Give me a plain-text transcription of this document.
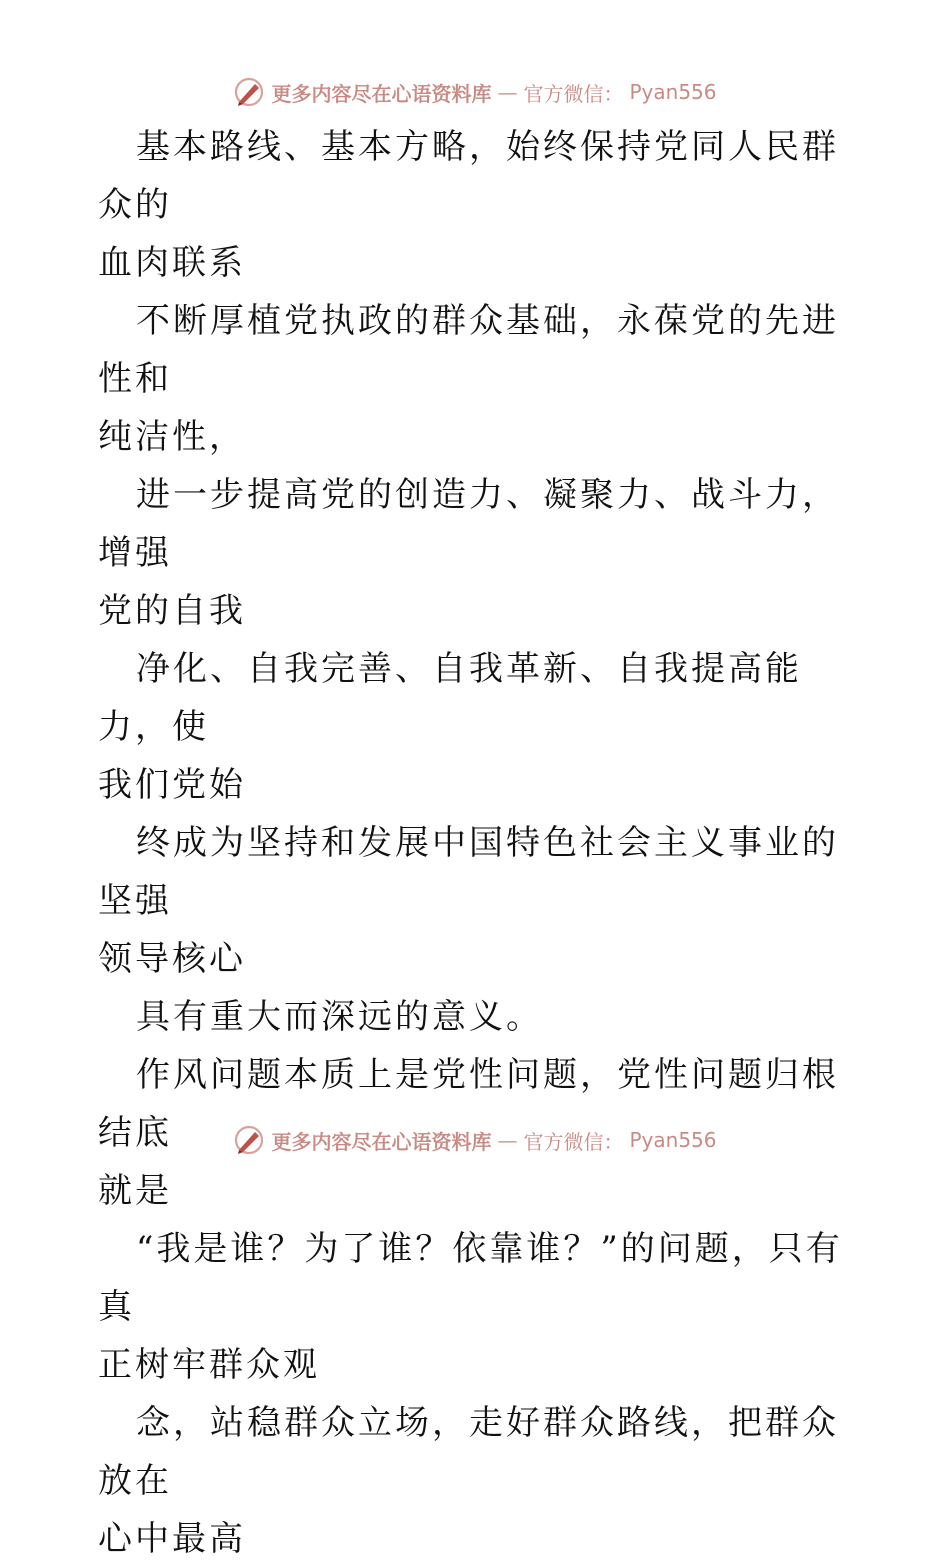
更多内容尽在心语资料库 — 官方微信： Pyan556

基本路线、基本方略，始终保持党同人民群众的
血肉联系

不断厚植党执政的群众基础，永葆党的先进性和
纯洁性，

进一步提高党的创造力、凝聚力、战斗力，增强
党的自我

净化、自我完善、自我革新、自我提高能力，使
我们党始

终成为坚持和发展中国特色社会主义事业的坚强
领导核心

具有重大而深远的意义。

作风问题本质上是党性问题，党性问题归根结底
就是

“我是谁？为了谁？依靠谁？”的问题，只有真
正树牢群众观

念，站稳群众立场，走好群众路线，把群众放在
心中最高

更多内容尽在心语资料库 — 官方微信： Pyan556
